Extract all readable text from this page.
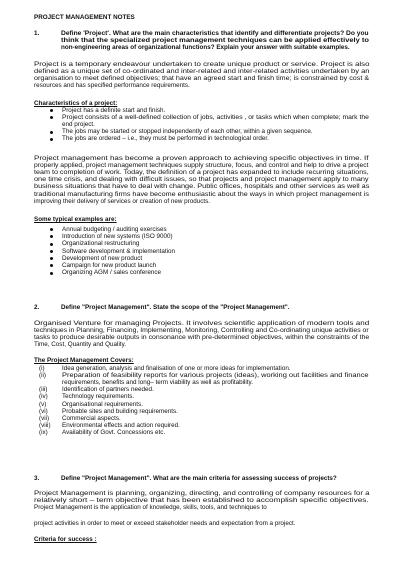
PROJECT MANAGEMENT NOTES
1.	Define 'Project'. What are the main characteristics that identify and differentiate projects? Do you
think that the specialized project management techniques can be applied effectively to
non-engineering areas of organizational functions? Explain your answer with suitable examples.
Project is a temporary endeavour undertaken to create unique product or service. Project is also
defined as a unique set of co-ordinated and inter-related and inter-related activities undertaken by an
organisation to meet defined objectives; that have an agreed start and finish time; is constrained by cost &
resources and has specified performance requirements.
Characteristics of a project:
Project has a definite start and finish.
Project consists of a well-defined collection of jobs, activities , or tasks which when complete; mark the
end project.
The jobs may be started or stopped independently of each other, within a given sequence.
The jobs are ordered – i.e., they must be performed in technological order.
Project management has become a proven approach to achieving specific objectives in time. If
properly applied, project management techniques supply structure, focus, and control and help to drive a project
team to completion of work. Today, the definition of a project has expanded to include recurring situations,
one time crisis, and dealing with difficult issues, so that projects and project management apply to many
business situations that have to deal with change. Public offices, hospitals and other services as well as
traditional manufacturing firms have become enthusiastic about the ways in which project management is
improving their delivery of services or creation of new products.
Some typical examples are:
Annual budgeting / auditing exercises
Introduction of new systems (ISO 9000)
Organizational restructuring
Software development & implementation
Development of new product
Campaign for new product launch
Organizing AGM / sales conference
2.	Define "Project Management". State the scope of the "Project Management".
Organised Venture for managing Projects. It involves scientific application of modern tools and
techniques in Planning, Financing, Implementing, Monitoring, Controlling and Co-ordinating unique activities or
tasks to produce desirable outputs in consonance with pre-determined objectives, within the constraints of the
Time, Cost, Quantity and Quality.
The Project Management Covers:
(i)	Idea generation, analysis and finalisation of one or more ideas for implementation.
(ii)	Preparation of feasibility reports for various projects (ideas), working out facilities and finance
requirements, benefits and long– term viability as well as profitability.
(iii) Identification of partners needed.
(iv) Technology requirements.
(v) Organisational requirements.
(vi) Probable sites and building requirements.
(vii) Commercial aspects.
(viii) Environmental effects and action required.
(ix) Availability of Govt. Concessions etc.
3.	Define "Project Management". What are the main criteria for assessing success of projects?
Project Management is planning, organizing, directing, and controlling of company resources for a
relatively short – term objective that has been established to accomplish specific objectives.
Project Management is the application of knowledge, skills, tools, and techniques to
project activities in order to meet or exceed stakeholder needs and expectation from a project.
Criteria for success :
